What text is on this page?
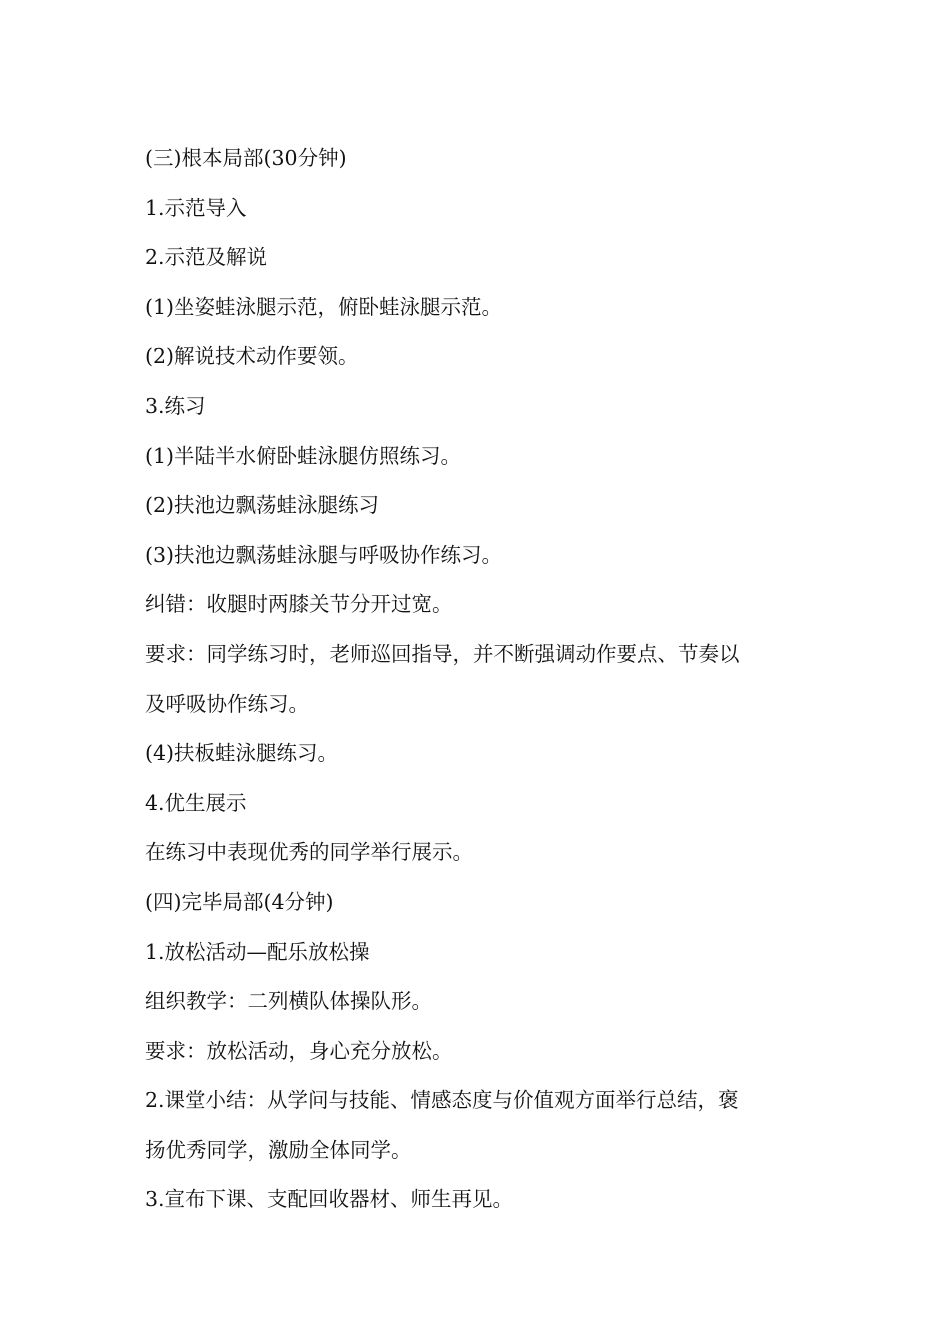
(三)根本局部(30分钟)
1.示范导入
2.示范及解说
(1)坐姿蛙泳腿示范，俯卧蛙泳腿示范。
(2)解说技术动作要领。
3.练习
(1)半陆半水俯卧蛙泳腿仿照练习。
(2)扶池边飘荡蛙泳腿练习
(3)扶池边飘荡蛙泳腿与呼吸协作练习。
纠错：收腿时两膝关节分开过宽。
要求：同学练习时，老师巡回指导，并不断强调动作要点、节奏以
及呼吸协作练习。
(4)扶板蛙泳腿练习。
4.优生展示
在练习中表现优秀的同学举行展示。
(四)完毕局部(4分钟)
1.放松活动—配乐放松操
组织教学：二列横队体操队形。
要求：放松活动，身心充分放松。
2.课堂小结：从学问与技能、情感态度与价值观方面举行总结，褒
扬优秀同学，激励全体同学。
3.宣布下课、支配回收器材、师生再见。
